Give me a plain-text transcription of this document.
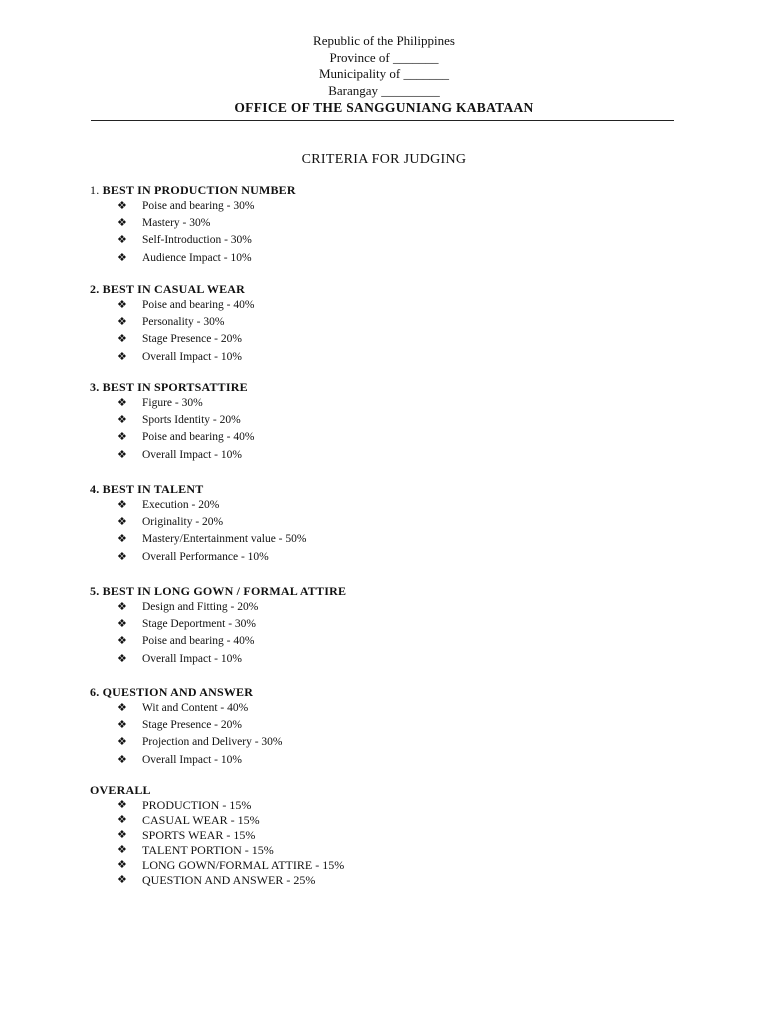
Republic of the Philippines
Province of _______
Municipality of _______
Barangay _________
OFFICE OF THE SANGGUNIANG KABATAAN
CRITERIA FOR JUDGING
1. BEST IN PRODUCTION NUMBER
❖ Poise and bearing - 30%
❖ Mastery - 30%
❖ Self-Introduction - 30%
❖ Audience Impact - 10%
2. BEST IN CASUAL WEAR
❖ Poise and bearing - 40%
❖ Personality - 30%
❖ Stage Presence - 20%
❖ Overall Impact - 10%
3. BEST IN SPORTSATTIRE
❖ Figure - 30%
❖ Sports Identity - 20%
❖ Poise and bearing - 40%
❖ Overall Impact - 10%
4. BEST IN TALENT
❖ Execution - 20%
❖ Originality - 20%
❖ Mastery/Entertainment value - 50%
❖ Overall Performance - 10%
5. BEST IN LONG GOWN / FORMAL ATTIRE
❖ Design and Fitting - 20%
❖ Stage Deportment - 30%
❖ Poise and bearing - 40%
❖ Overall Impact - 10%
6. QUESTION AND ANSWER
❖ Wit and Content - 40%
❖ Stage Presence - 20%
❖ Projection and Delivery - 30%
❖ Overall Impact - 10%
OVERALL
❖ PRODUCTION - 15%
❖ CASUAL WEAR - 15%
❖ SPORTS WEAR - 15%
❖ TALENT PORTION - 15%
❖ LONG GOWN/FORMAL ATTIRE - 15%
❖ QUESTION AND ANSWER - 25%
